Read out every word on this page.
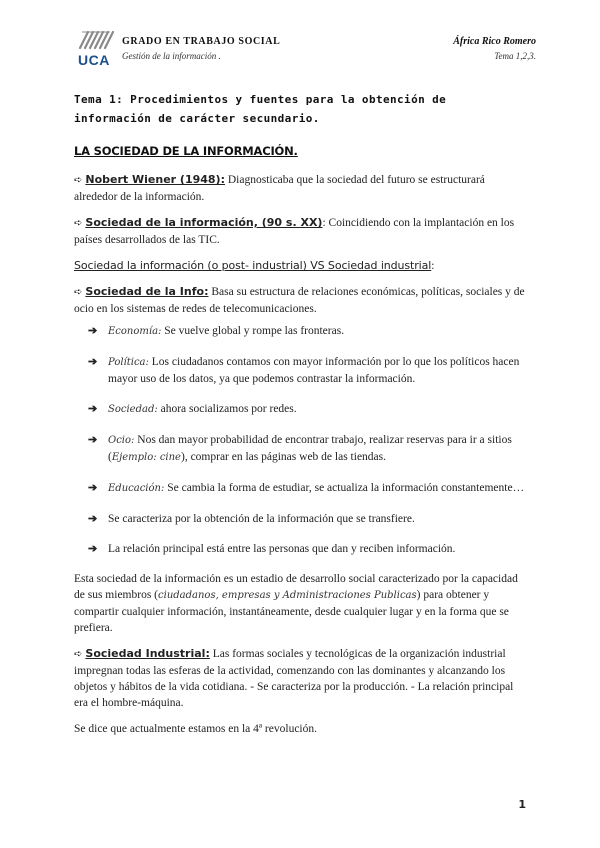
UCA
GRADO EN TRABAJO SOCIAL
Gestión de la información .
África Rico Romero
Tema 1,2,3.
Tema 1: Procedimientos y fuentes para la obtención de información de carácter secundario.
LA SOCIEDAD DE LA INFORMACIÓN.

➪ Nobert Wiener (1948): Diagnosticaba que la sociedad del futuro se estructurará alrededor de la información.

➪ Sociedad de la información, (90 s. XX): Coincidiendo con la implantación en los países desarrollados de las TIC.

Sociedad la información (o post- industrial) VS Sociedad industrial:

➪ Sociedad de la Info: Basa su estructura de relaciones económicas, políticas, sociales y de ocio en los sistemas de redes de telecomunicaciones.

➔ Economía: Se vuelve global y rompe las fronteras.
➔ Política: Los ciudadanos contamos con mayor información por lo que los políticos hacen mayor uso de los datos, ya que podemos contrastar la información.
➔ Sociedad: ahora socializamos por redes.
➔ Ocio: Nos dan mayor probabilidad de encontrar trabajo, realizar reservas para ir a sitios (Ejemplo: cine), comprar en las páginas web de las tiendas.
➔ Educación: Se cambia la forma de estudiar, se actualiza la información constantemente…
➔ Se caracteriza por la obtención de la información que se transfiere.
➔ La relación principal está entre las personas que dan y reciben información.

Esta sociedad de la información es un estadio de desarrollo social caracterizado por la capacidad de sus miembros (ciudadanos, empresas y Administraciones Publicas) para obtener y compartir cualquier información, instantáneamente, desde cualquier lugar y en la forma que se prefiera.

➪ Sociedad Industrial: Las formas sociales y tecnológicas de la organización industrial impregnan todas las esferas de la actividad, comenzando con las dominantes y alcanzando los objetos y hábitos de la vida cotidiana. - Se caracteriza por la producción. - La relación principal era el hombre-máquina.

Se dice que actualmente estamos en la 4ª revolución.

1
